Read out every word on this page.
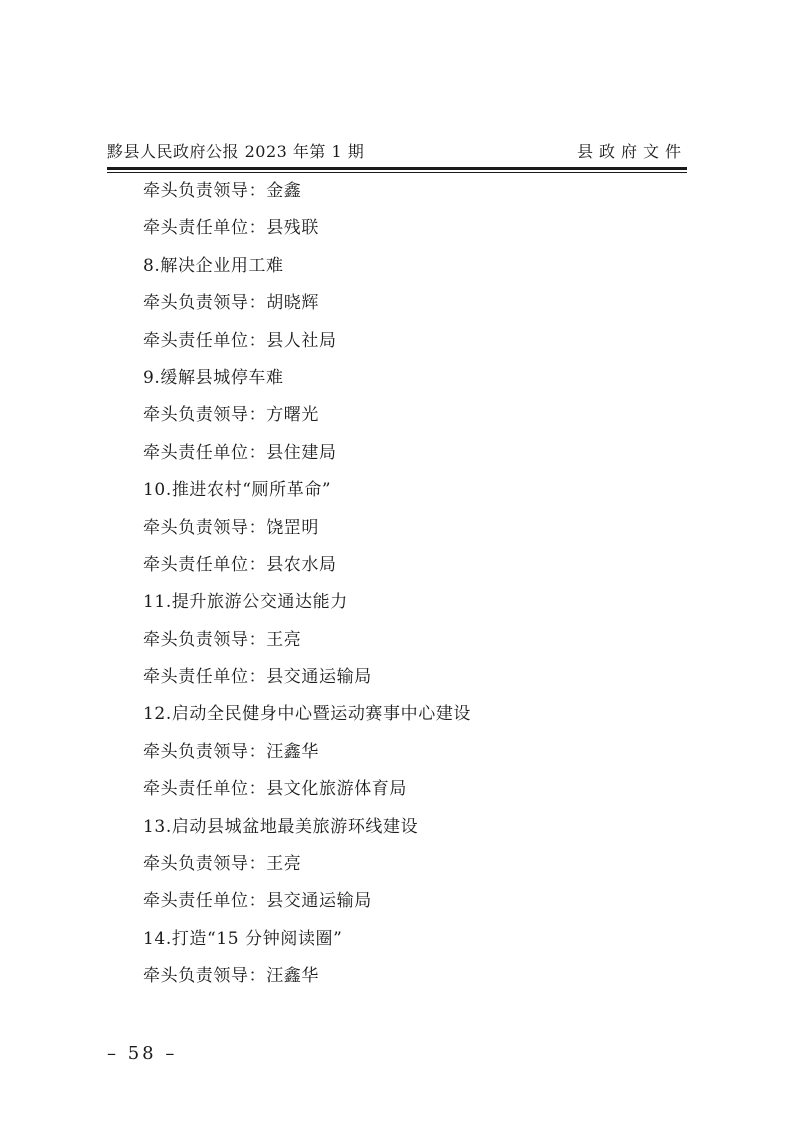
黟县人民政府公报 2023 年第 1 期	县政府文件
牵头负责领导：金鑫
牵头责任单位：县残联
8.解决企业用工难
牵头负责领导：胡晓辉
牵头责任单位：县人社局
9.缓解县城停车难
牵头负责领导：方曙光
牵头责任单位：县住建局
10.推进农村“厕所革命”
牵头负责领导：饶罡明
牵头责任单位：县农水局
11.提升旅游公交通达能力
牵头负责领导：王亮
牵头责任单位：县交通运输局
12.启动全民健身中心暨运动赛事中心建设
牵头负责领导：汪鑫华
牵头责任单位：县文化旅游体育局
13.启动县城盆地最美旅游环线建设
牵头负责领导：王亮
牵头责任单位：县交通运输局
14.打造“15 分钟阅读圈”
牵头负责领导：汪鑫华
– 58 –
